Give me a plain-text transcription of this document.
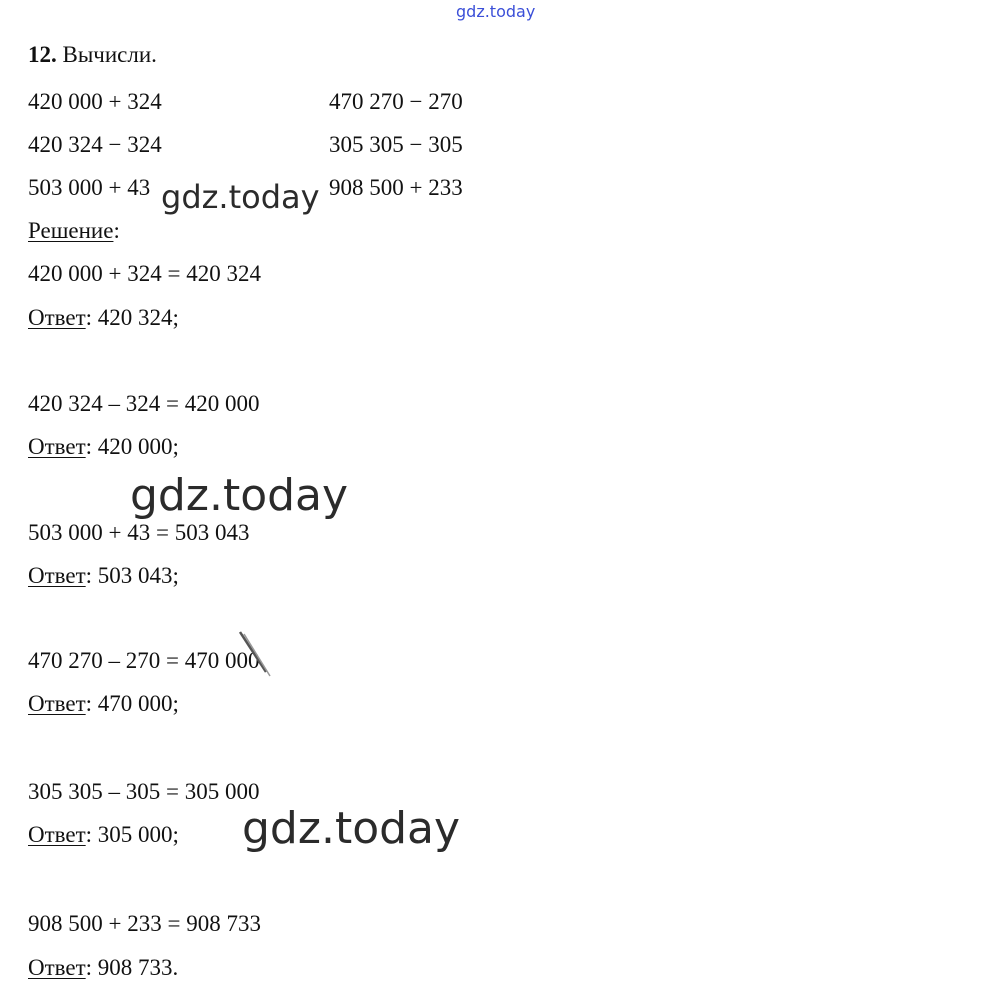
gdz.today
12. Вычисли.
420 000 + 324	470 270 − 270
420 324 − 324	305 305 − 305
503 000 + 43	908 500 + 233
gdz.today
Решение:
420 000 + 324 = 420 324
Ответ: 420 324;
420 324 – 324 = 420 000
Ответ: 420 000;
gdz.today
503 000 + 43 = 503 043
Ответ: 503 043;
470 270 – 270 = 470 000
Ответ: 470 000;
305 305 – 305 = 305 000
Ответ: 305 000; gdz.today
908 500 + 233 = 908 733
Ответ: 908 733.
